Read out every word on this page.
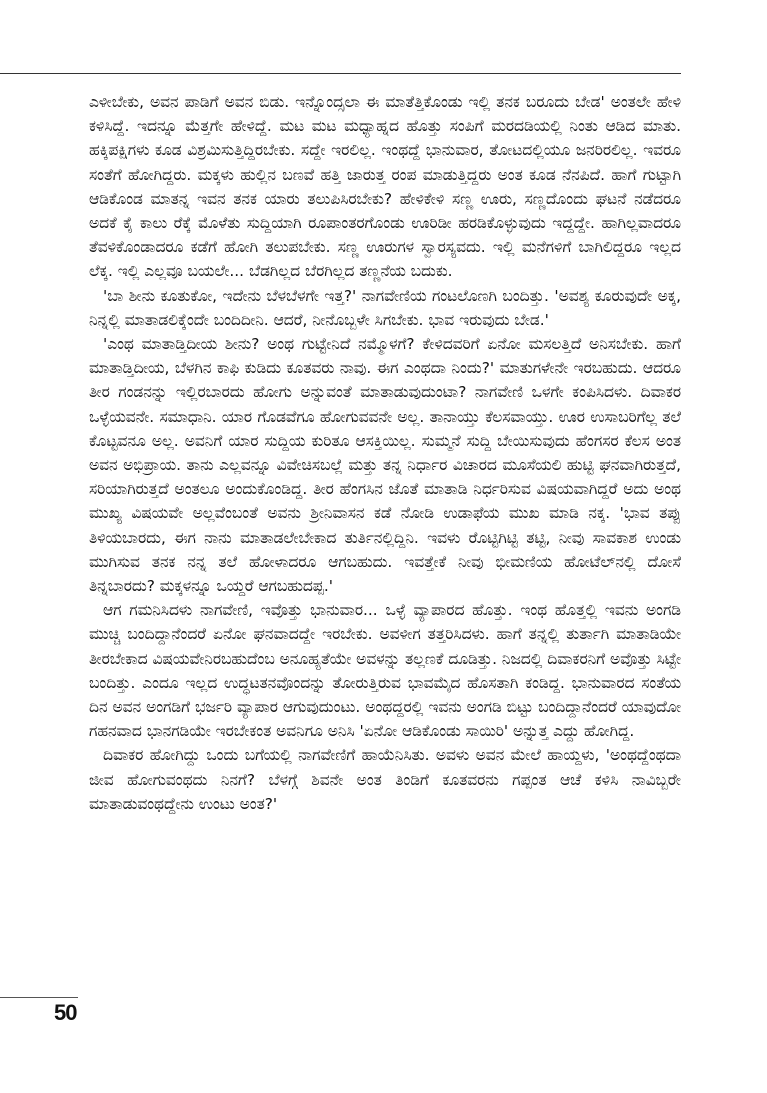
ಎಳೀಬೇಕು, ಅವನ ಪಾಡಿಗೆ ಅವನ ಬಿಡು. ಇನ್ನೊಂದ್ಸಲಾ ಈ ಮಾತೆತ್ತಿಕೊಂಡು ಇಲ್ಲಿ ತನಕ ಬರೂದು ಬೇಡ' ಅಂತಲೇ ಹೇಳಿ ಕಳಿಸಿದ್ದೆ. ಇದನ್ನೂ ಮೆತ್ತಗೇ ಹೇಳಿದ್ದೆ. ಮಟ ಮಟ ಮಧ್ಯಾಹ್ನದ ಹೊತ್ತು ಸಂಪಿಗೆ ಮರದಡಿಯಲ್ಲಿ ನಿಂತು ಆಡಿದ ಮಾತು. ಹಕ್ಕಿಪಕ್ಷಿಗಳು ಕೂಡ ವಿಶ್ರಮಿಸುತ್ತಿದ್ದಿರಬೇಕು. ಸದ್ದೇ ಇರಲಿಲ್ಲ. ಇಂಥದ್ದೆ ಭಾನುವಾರ, ತೋಟದಲ್ಲಿಯೂ ಜನರಿರಲಿಲ್ಲ. ಇವರೂ ಸಂತೆಗೆ ಹೋಗಿದ್ದರು. ಮಕ್ಕಳು ಹುಲ್ಲಿನ ಬಣವೆ ಹತ್ತಿ ಜಾರುತ್ತ ರಂಪ ಮಾಡುತ್ತಿದ್ದರು ಅಂತ ಕೂಡ ನೆನಪಿದೆ. ಹಾಗೆ ಗುಟ್ಟಾಗಿ ಆಡಿಕೊಂಡ ಮಾತನ್ನ ಇವನ ತನಕ ಯಾರು ತಲುಪಿಸಿರಬೇಕು? ಹೇಳಿಕೇಳಿ ಸಣ್ಣ ಊರು, ಸಣ್ಣದೊಂದು ಘಟನೆ ನಡೆದರೂ ಅದಕೆ ಕೈ ಕಾಲು ರೆಕ್ಕೆ ಮೊಳೆತು ಸುದ್ದಿಯಾಗಿ ರೂಪಾಂತರಗೊಂಡು ಊರಿಡೀ ಹರಡಿಕೊಳ್ಳುವುದು ಇದ್ದದ್ದೇ. ಹಾಗಿಲ್ಲವಾದರೂ ತೆವಳಿಕೊಂಡಾದರೂ ಕಡೆಗೆ ಹೋಗಿ ತಲುಪಬೇಕು. ಸಣ್ಣ ಊರುಗಳ ಸ್ವಾರಸ್ಯವದು. ಇಲ್ಲಿ ಮನೆಗಳಿಗೆ ಬಾಗಿಲಿದ್ದರೂ ಇಲ್ಲದ ಲೆಕ್ಕ. ಇಲ್ಲಿ ಎಲ್ಲವೂ ಬಯಲೇ... ಬೆಡಗಿಲ್ಲದ ಬೆರಗಿಲ್ಲದ ತಣ್ಣನೆಯ ಬದುಕು.

'ಬಾ ಶೀನು ಕೂತುಕೋ, ಇದೇನು ಬೆಳಬೆಳಗೇ ಇತ್ತ?' ನಾಗವೇಣಿಯ ಗಂಟಲೊಣಗಿ ಬಂದಿತ್ತು. 'ಅವಶ್ಯ ಕೂರುವುದೇ ಅಕ್ಕ, ನಿನ್ನಲ್ಲಿ ಮಾತಾಡಲಿಕ್ಕೆಂದೇ ಬಂದಿದೀನಿ. ಆದರೆ, ನೀನೊಬ್ಬಳೇ ಸಿಗಬೇಕು. ಭಾವ ಇರುವುದು ಬೇಡ.'

'ಎಂಥ ಮಾತಾಡ್ತಿದೀಯ ಶೀನು? ಅಂಥ ಗುಟ್ಟೇನಿದೆ ನಮ್ಮೊಳಗೆ? ಕೇಳಿದವರಿಗೆ ಏನೋ ಮಸಲತ್ತಿದೆ ಅನಿಸಬೇಕು. ಹಾಗೆ ಮಾತಾಡ್ತಿದೀಯ, ಬೆಳಗಿನ ಕಾಫಿ ಕುಡಿದು ಕೂತವರು ನಾವು. ಈಗ ಎಂಥದಾ ನಿಂದು?' ಮಾತುಗಳೇನೇ ಇರಬಹುದು. ಆದರೂ ತೀರ ಗಂಡನನ್ನು ಇಲ್ಲಿರಬಾರದು ಹೋಗು ಅನ್ನುವಂತೆ ಮಾತಾಡುವುದುಂಟಾ? ನಾಗವೇಣಿ ಒಳಗೇ ಕಂಪಿಸಿದಳು. ದಿವಾಕರ ಒಳ್ಳೆಯವನೇ. ಸಮಾಧಾನಿ. ಯಾರ ಗೊಡವೆಗೂ ಹೋಗುವವನೇ ಅಲ್ಲ. ತಾನಾಯ್ತು ಕೆಲಸವಾಯ್ತು. ಊರ ಉಸಾಬರಿಗೆಲ್ಲ ತಲೆ ಕೊಟ್ಟವನೂ ಅಲ್ಲ. ಅವನಿಗೆ ಯಾರ ಸುದ್ದಿಯ ಕುರಿತೂ ಆಸಕ್ತಿಯಿಲ್ಲ. ಸುಮ್ಮನೆ ಸುದ್ದಿ ಬೇಯಿಸುವುದು ಹೆಂಗಸರ ಕೆಲಸ ಅಂತ ಅವನ ಅಭಿಪ್ರಾಯ. ತಾನು ಎಲ್ಲವನ್ನೂ ವಿವೇಚಿಸಬಲ್ಲೆ ಮತ್ತು ತನ್ನ ನಿರ್ಧಾರ ವಿಚಾರದ ಮೂಸೆಯಲಿ ಹುಟ್ಟಿ ಘನವಾಗಿರುತ್ತದೆ, ಸರಿಯಾಗಿರುತ್ತದೆ ಅಂತಲೂ ಅಂದುಕೊಂಡಿದ್ದ. ತೀರ ಹೆಂಗಸಿನ ಜೊತೆ ಮಾತಾಡಿ ನಿರ್ಧರಿಸುವ ವಿಷಯವಾಗಿದ್ದರೆ ಅದು ಅಂಥ ಮುಖ್ಯ ವಿಷಯವೇ ಅಲ್ಲವೆಂಬಂತೆ ಅವನು ಶ್ರೀನಿವಾಸನ ಕಡೆ ನೋಡಿ ಉಡಾಫೆಯ ಮುಖ ಮಾಡಿ ನಕ್ಕ. 'ಭಾವ ತಪ್ಪು ತಿಳಿಯಬಾರದು, ಈಗ ನಾನು ಮಾತಾಡಲೇಬೇಕಾದ ತುರ್ತಿನಲ್ಲಿದ್ದಿನಿ. ಇವಳು ರೊಟ್ಟಿಗಿಟ್ಟಿ ತಟ್ಟಿ, ನೀವು ಸಾವಕಾಶ ಉಂಡು ಮುಗಿಸುವ ತನಕ ನನ್ನ ತಲೆ ಹೋಳಾದರೂ ಆಗಬಹುದು. ಇವತ್ತೇಕೆ ನೀವು ಭೀಮಣಿಯ ಹೋಟೆಲ್‌ನಲ್ಲಿ ದೋಸೆ ತಿನ್ನಬಾರದು? ಮಕ್ಕಳನ್ನೂ ಒಯ್ದರೆ ಆಗಬಹುದಪ್ಪ.'

ಆಗ ಗಮನಿಸಿದಳು ನಾಗವೇಣಿ, ಇವೊತ್ತು ಭಾನುವಾರ... ಒಳ್ಳೆ ವ್ಯಾಪಾರದ ಹೊತ್ತು. ಇಂಥ ಹೊತ್ತಲ್ಲಿ ಇವನು ಅಂಗಡಿ ಮುಚ್ಚಿ ಬಂದಿದ್ದಾನೆಂದರೆ ಏನೋ ಘನವಾದದ್ದೇ ಇರಬೇಕು. ಅವಳೀಗ ತತ್ತರಿಸಿದಳು. ಹಾಗೆ ತನ್ನಲ್ಲಿ ತುರ್ತಾಗಿ ಮಾತಾಡಿಯೇ ತೀರಬೇಕಾದ ವಿಷಯವೇನಿರಬಹುದೆಂಬ ಅನೂಹ್ಯತೆಯೇ ಅವಳನ್ನು ತಲ್ಲಣಕೆ ದೂಡಿತ್ತು. ನಿಜದಲ್ಲಿ ದಿವಾಕರನಿಗೆ ಅವೊತ್ತು ಸಿಟ್ಟೇ ಬಂದಿತ್ತು. ಎಂದೂ ಇಲ್ಲದ ಉದ್ಧಟತನವೊಂದನ್ನು ತೋರುತ್ತಿರುವ ಭಾವಮೈದ ಹೊಸತಾಗಿ ಕಂಡಿದ್ದ. ಭಾನುವಾರದ ಸಂತೆಯ ದಿನ ಅವನ ಅಂಗಡಿಗೆ ಭರ್ಜರಿ ವ್ಯಾಪಾರ ಆಗುವುದುಂಟು. ಅಂಥದ್ದರಲ್ಲಿ ಇವನು ಅಂಗಡಿ ಬಿಟ್ಟು ಬಂದಿದ್ದಾನೆಂದರೆ ಯಾವುದೋ ಗಹನವಾದ ಭಾನಗಡಿಯೇ ಇರಬೇಕಂತ ಅವನಿಗೂ ಅನಿಸಿ 'ಏನೋ ಆಡಿಕೊಂಡು ಸಾಯಿರಿ' ಅನ್ನುತ್ತ ಎದ್ದು ಹೋಗಿದ್ದ.

ದಿವಾಕರ ಹೋಗಿದ್ದು ಒಂದು ಬಗೆಯಲ್ಲಿ ನಾಗವೇಣಿಗೆ ಹಾಯೆನಿಸಿತು. ಅವಳು ಅವನ ಮೇಲೆ ಹಾಯ್ದಳು, 'ಅಂಥದ್ದೆಂಥದಾ ಜೀವ ಹೋಗುವಂಥದು ನಿನಗೆ? ಬೆಳಗ್ಗೆ ಶಿವನೇ ಅಂತ ತಿಂಡಿಗೆ ಕೂತವರನು ಗಪ್ಪಂತ ಆಚೆ ಕಳಿಸಿ ನಾವಿಬ್ಬರೇ ಮಾತಾಡುವಂಥದ್ದೇನು ಉಂಟು ಅಂತ?'

50
